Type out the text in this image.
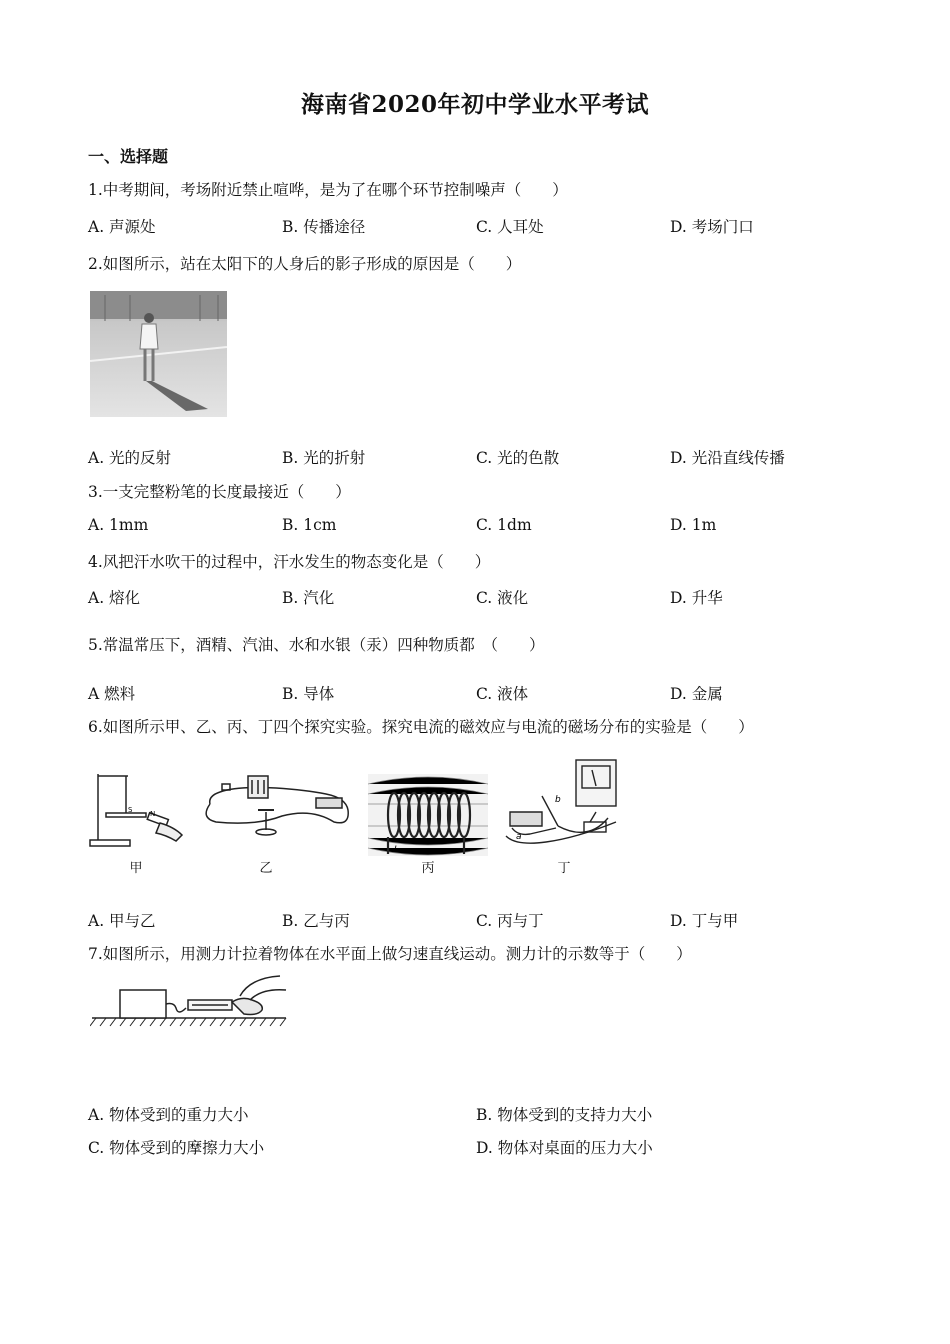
海南省2020年初中学业水平考试
一、选择题
1.中考期间，考场附近禁止喧哗，是为了在哪个环节控制噪声（　　）
A. 声源处	B. 传播途径	C. 人耳处	D. 考场门口
2.如图所示，站在太阳下的人身后的影子形成的原因是（　　）
A. 光的反射	B. 光的折射	C. 光的色散	D. 光沿直线传播
3.一支完整粉笔的长度最接近（　　）
A. 1mm	B. 1cm	C. 1dm	D. 1m
4.风把汗水吹干的过程中，汗水发生的物态变化是（　　）
A. 熔化	B. 汽化	C. 液化	D. 升华
5.常温常压下，酒精、汽油、水和水银（汞）四种物质都　（　　）
A 燃料	B. 导体	C. 液体	D. 金属
6.如图所示甲、乙、丙、丁四个探究实验。探究电流的磁效应与电流的磁场分布的实验是（　　）
S	N
甲	乙
I
丙
b
a
丁
A. 甲与乙	B. 乙与丙	C. 丙与丁	D. 丁与甲
7.如图所示，用测力计拉着物体在水平面上做匀速直线运动。测力计的示数等于（　　）
A. 物体受到的重力大小	B. 物体受到的支持力大小
C. 物体受到的摩擦力大小	D. 物体对桌面的压力大小
